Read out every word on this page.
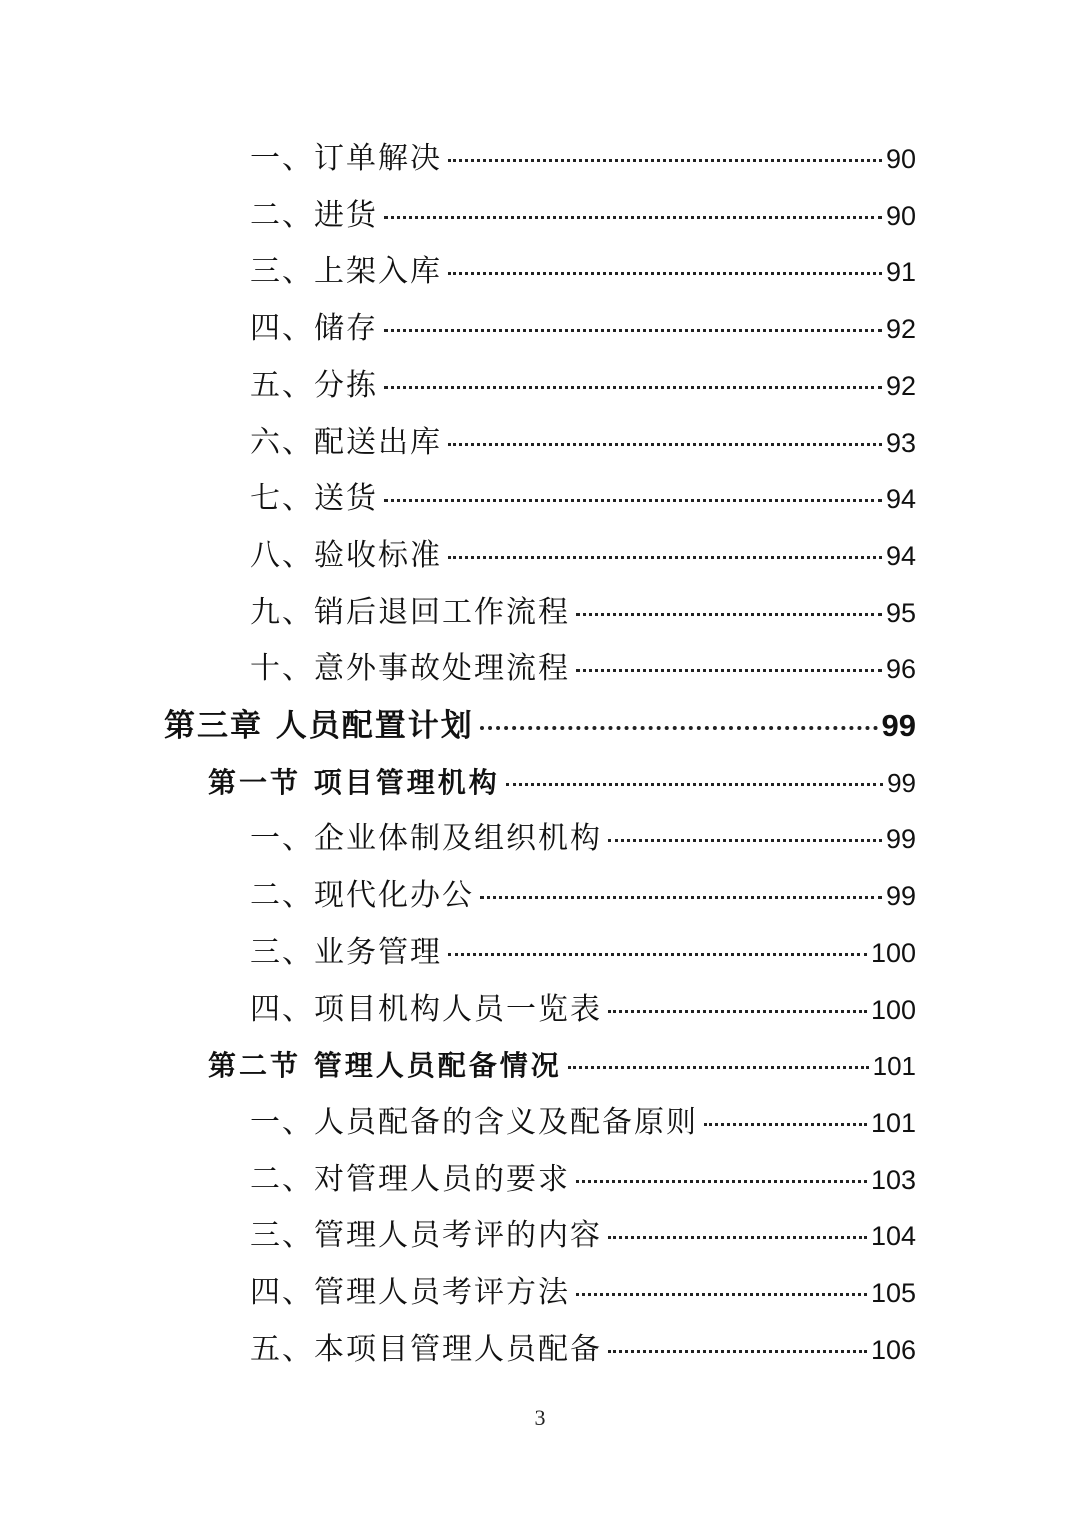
一、订单解决	90
二、进货	90
三、上架入库	91
四、储存	92
五、分拣	92
六、配送出库	93
七、送货	94
八、验收标准	94
九、销后退回工作流程	95
十、意外事故处理流程	96
第三章 人员配置计划	99
第一节 项目管理机构	99
一、企业体制及组织机构	99
二、现代化办公	99
三、业务管理	100
四、项目机构人员一览表	100
第二节 管理人员配备情况	101
一、人员配备的含义及配备原则	101
二、对管理人员的要求	103
三、管理人员考评的内容	104
四、管理人员考评方法	105
五、本项目管理人员配备	106
3
